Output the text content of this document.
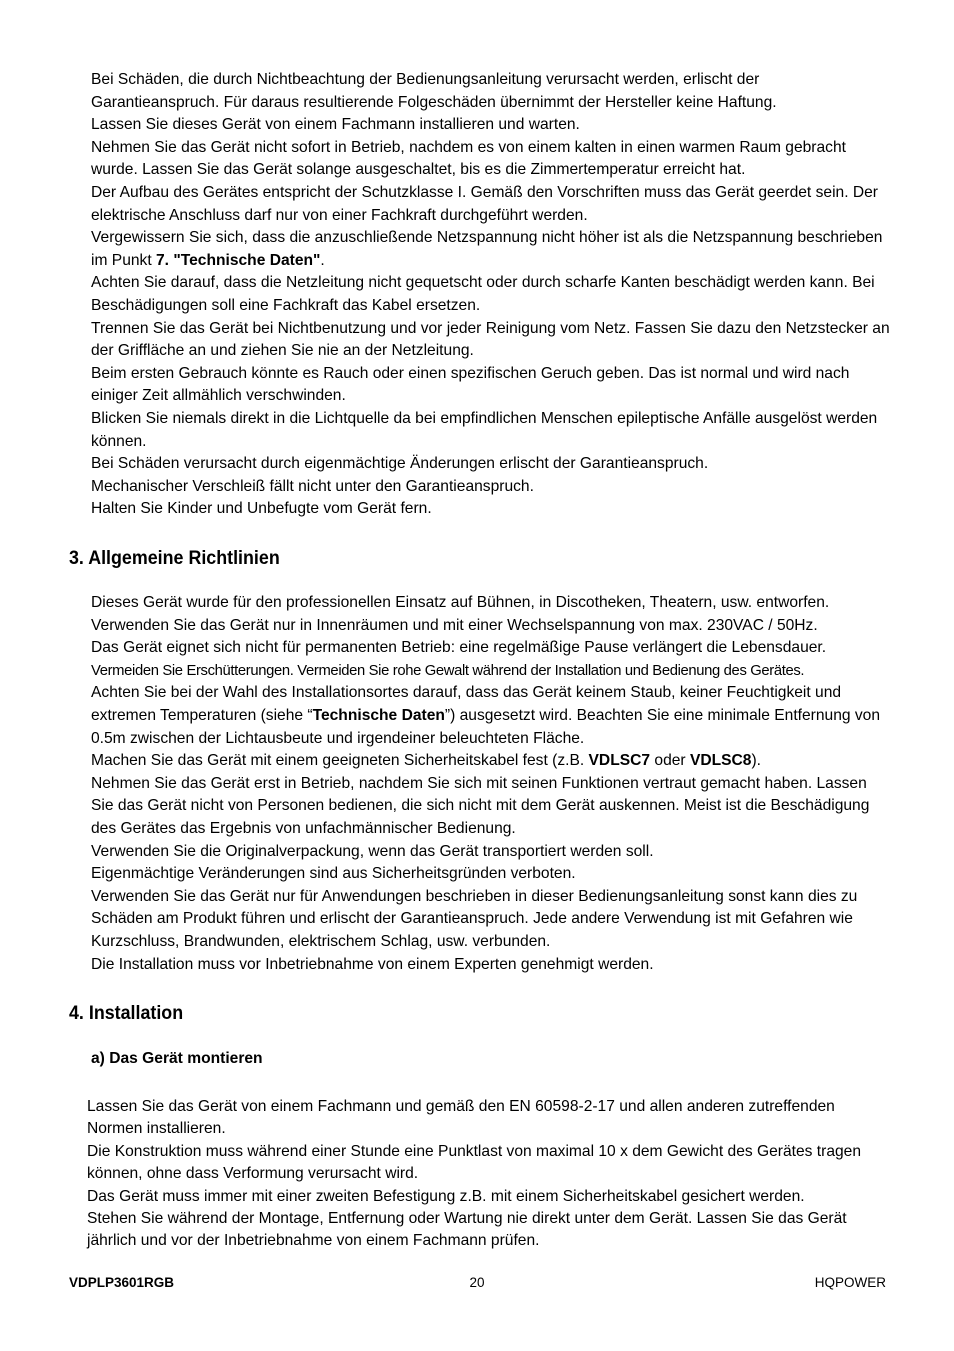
Bei Schäden, die durch Nichtbeachtung der Bedienungsanleitung verursacht werden, erlischt der Garantieanspruch. Für daraus resultierende Folgeschäden übernimmt der Hersteller keine Haftung.

Lassen Sie dieses Gerät von einem Fachmann installieren und warten.

Nehmen Sie das Gerät nicht sofort in Betrieb, nachdem es von einem kalten in einen warmen Raum gebracht wurde. Lassen Sie das Gerät solange ausgeschaltet, bis es die Zimmertemperatur erreicht hat.

Der Aufbau des Gerätes entspricht der Schutzklasse I. Gemäß den Vorschriften muss das Gerät geerdet sein. Der elektrische Anschluss darf nur von einer Fachkraft durchgeführt werden.

Vergewissern Sie sich, dass die anzuschließende Netzspannung nicht höher ist als die Netzspannung beschrieben im Punkt 7. "Technische Daten".

Achten Sie darauf, dass die Netzleitung nicht gequetscht oder durch scharfe Kanten beschädigt werden kann. Bei Beschädigungen soll eine Fachkraft das Kabel ersetzen.

Trennen Sie das Gerät bei Nichtbenutzung und vor jeder Reinigung vom Netz. Fassen Sie dazu den Netzstecker an der Griffläche an und ziehen Sie nie an der Netzleitung.

Beim ersten Gebrauch könnte es Rauch oder einen spezifischen Geruch geben. Das ist normal und wird nach einiger Zeit allmählich verschwinden.

Blicken Sie niemals direkt in die Lichtquelle da bei empfindlichen Menschen epileptische Anfälle ausgelöst werden können.

Bei Schäden verursacht durch eigenmächtige Änderungen erlischt der Garantieanspruch.

Mechanischer Verschleiß fällt nicht unter den Garantieanspruch.

Halten Sie Kinder und Unbefugte vom Gerät fern.

3. Allgemeine Richtlinien

Dieses Gerät wurde für den professionellen Einsatz auf Bühnen, in Discotheken, Theatern, usw. entworfen.

Verwenden Sie das Gerät nur in Innenräumen und mit einer Wechselspannung von max. 230VAC / 50Hz.

Das Gerät eignet sich nicht für permanenten Betrieb: eine regelmäßige Pause verlängert die Lebensdauer.

Vermeiden Sie Erschütterungen. Vermeiden Sie rohe Gewalt während der Installation und Bedienung des Gerätes.

Achten Sie bei der Wahl des Installationsortes darauf, dass das Gerät keinem Staub, keiner Feuchtigkeit und extremen Temperaturen (siehe “Technische Daten”) ausgesetzt wird. Beachten Sie eine minimale Entfernung von 0.5m zwischen der Lichtausbeute und irgendeiner beleuchteten Fläche.

Machen Sie das Gerät mit einem geeigneten Sicherheitskabel fest (z.B. VDLSC7 oder VDLSC8).

Nehmen Sie das Gerät erst in Betrieb, nachdem Sie sich mit seinen Funktionen vertraut gemacht haben. Lassen Sie das Gerät nicht von Personen bedienen, die sich nicht mit dem Gerät auskennen. Meist ist die Beschädigung des Gerätes das Ergebnis von unfachmännischer Bedienung.

Verwenden Sie die Originalverpackung, wenn das Gerät transportiert werden soll.

Eigenmächtige Veränderungen sind aus Sicherheitsgründen verboten.

Verwenden Sie das Gerät nur für Anwendungen beschrieben in dieser Bedienungsanleitung sonst kann dies zu Schäden am Produkt führen und erlischt der Garantieanspruch. Jede andere Verwendung ist mit Gefahren wie Kurzschluss, Brandwunden, elektrischem Schlag, usw. verbunden.

Die Installation muss vor Inbetriebnahme von einem Experten genehmigt werden.

4. Installation
a) Das Gerät montieren

Lassen Sie das Gerät von einem Fachmann und gemäß den EN 60598-2-17 und allen anderen zutreffenden Normen installieren.

Die Konstruktion muss während einer Stunde eine Punktlast von maximal 10 x dem Gewicht des Gerätes tragen können, ohne dass Verformung verursacht wird.

Das Gerät muss immer mit einer zweiten Befestigung z.B. mit einem Sicherheitskabel gesichert werden.

Stehen Sie während der Montage, Entfernung oder Wartung nie direkt unter dem Gerät. Lassen Sie das Gerät jährlich und vor der Inbetriebnahme von einem Fachmann prüfen.

VDPLP3601RGB	20	HQPOWER
